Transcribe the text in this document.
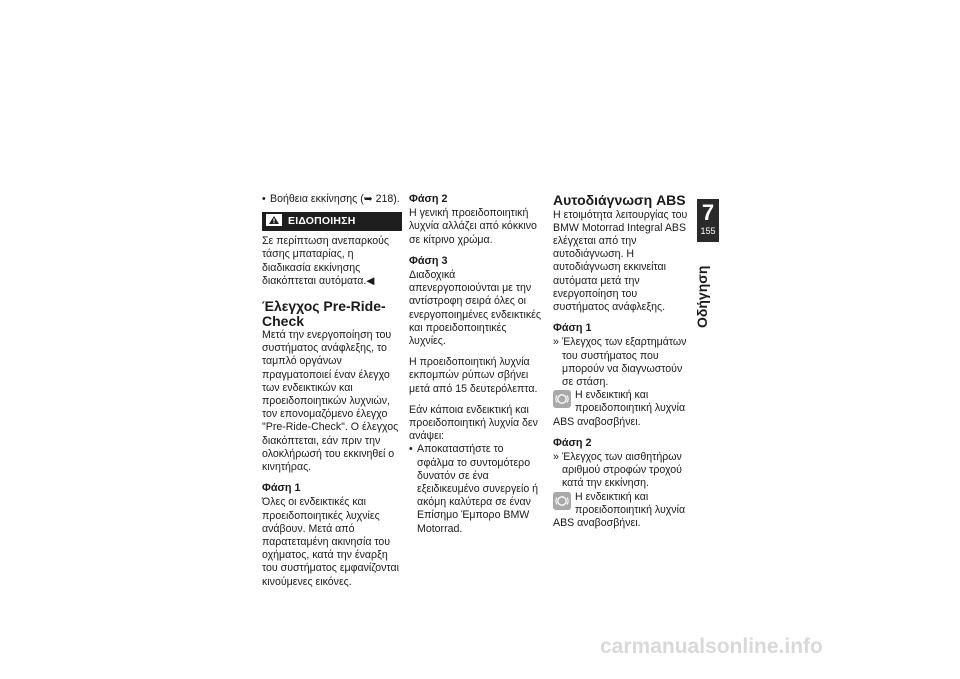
• Βοήθεια εκκίνησης (➥ 218).
ΕΙΔΟΠΟΙΗΣΗ

Σε περίπτωση ανεπαρκούς τάσης μπαταρίας, η διαδικασία εκκίνησης διακόπτεται αυτόματα.◀

Έλεγχος Pre-Ride-Check

Μετά την ενεργοποίηση του συστήματος ανάφλεξης, το ταμπλό οργάνων πραγματοποιεί έναν έλεγχο των ενδεικτικών και προειδοποιητικών λυχνιών, τον επονομαζόμενο έλεγχο "Pre-Ride-Check". Ο έλεγχος διακόπτεται, εάν πριν την ολοκλήρωσή του εκκινηθεί ο κινητήρας.

Φάση 1

Όλες οι ενδεικτικές και προειδοποιητικές λυχνίες ανάβουν. Μετά από παρατεταμένη ακινησία του οχήματος, κατά την έναρξη του συστήματος εμφανίζονται κινούμενες εικόνες.

Φάση 2

Η γενική προειδοποιητική λυχνία αλλάζει από κόκκινο σε κίτρινο χρώμα.

Φάση 3

Διαδοχικά απενεργοποιούνται με την αντίστροφη σειρά όλες οι ενεργοποιημένες ενδεικτικές και προειδοποιητικές λυχνίες.

Η προειδοποιητική λυχνία εκπομπών ρύπων σβήνει μετά από 15 δευτερόλεπτα.

Εάν κάποια ενδεικτική και προειδοποιητική λυχνία δεν ανάψει:

• Αποκαταστήστε το σφάλμα το συντομότερο δυνατόν σε ένα εξειδικευμένο συνεργείο ή ακόμη καλύτερα σε έναν Επίσημο Έμπορο BMW Motorrad.
Αυτοδιάγνωση ABS

Η ετοιμότητα λειτουργίας του BMW Motorrad Integral ABS ελέγχεται από την αυτοδιάγνωση. Η αυτοδιάγνωση εκκινείται αυτόματα μετά την ενεργοποίηση του συστήματος ανάφλεξης.

Φάση 1
» Έλεγχος των εξαρτημάτων του συστήματος που μπορούν να διαγνωστούν σε στάση.
Η ενδεικτική και προειδοποιητική λυχνία ABS αναβοσβήνει.
Φάση 2
» Έλεγχος των αισθητήρων αριθμού στροφών τροχού κατά την εκκίνηση.
Η ενδεικτική και προειδοποιητική λυχνία ABS αναβοσβήνει.
7
155
Οδήγηση
carmanualsonline.info
